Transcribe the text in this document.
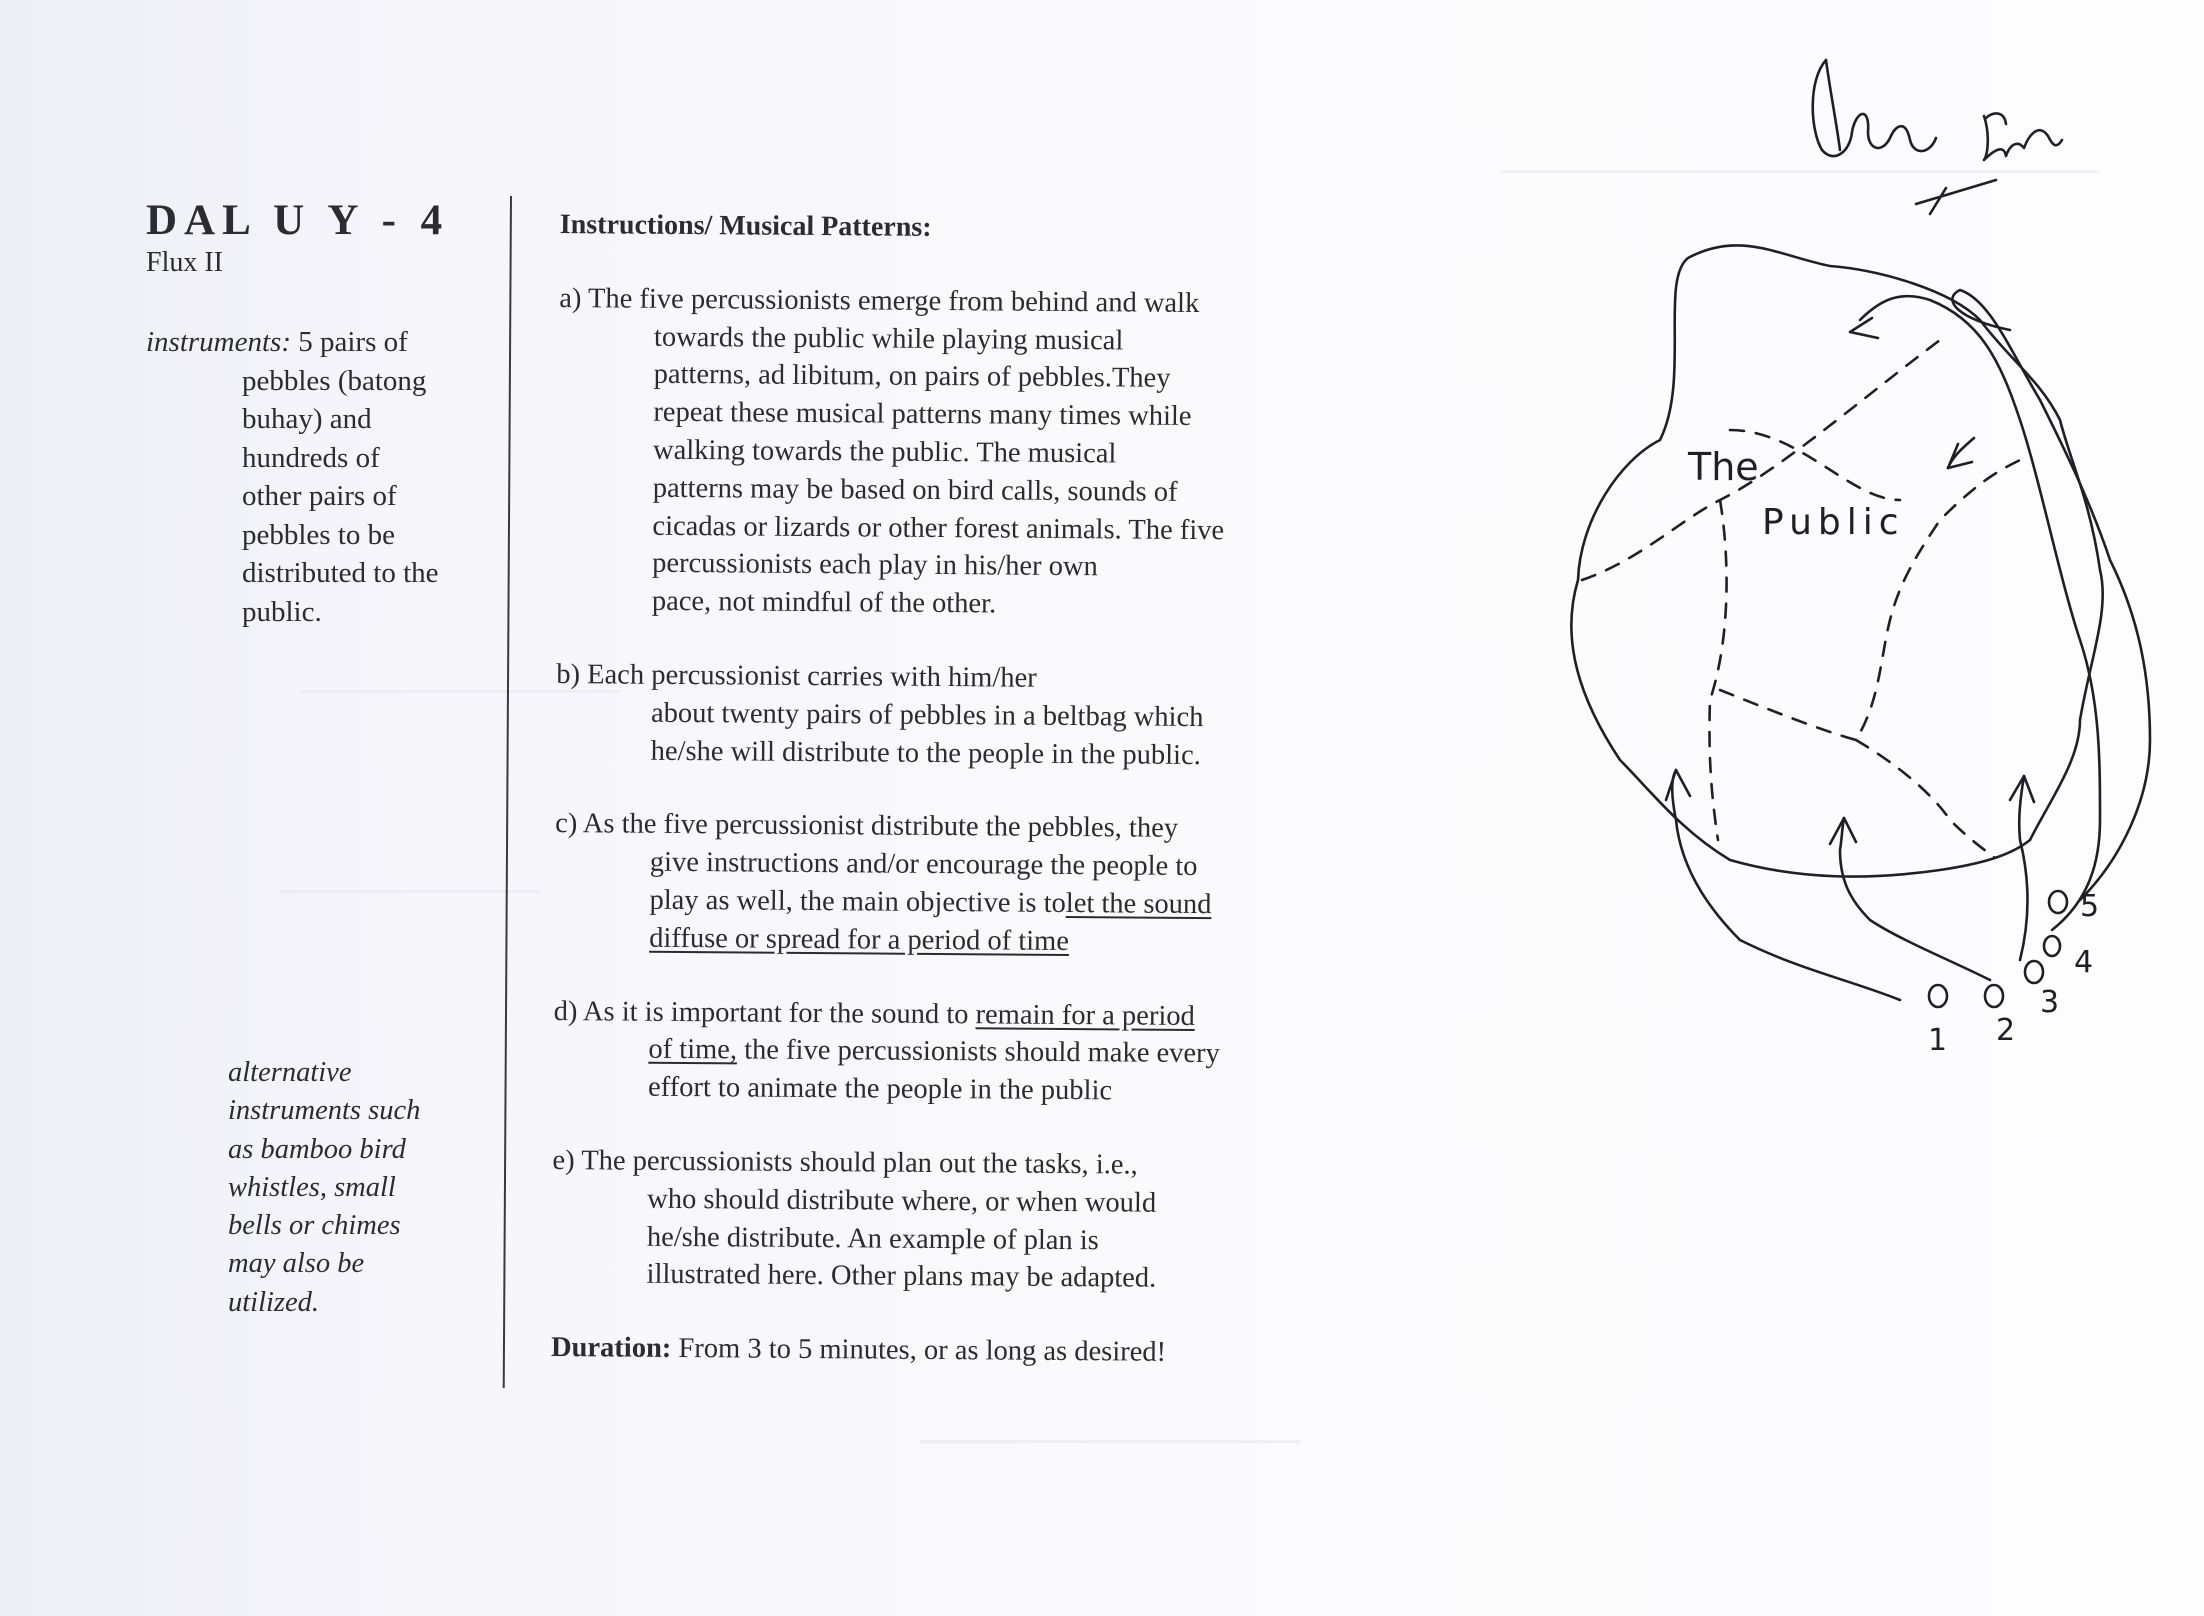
DAL U Y - 4
Flux II
instruments: 5 pairs of
pebbles (batong
buhay) and
hundreds of
other pairs of
pebbles to be
distributed to the
public.
alternative
instruments such
as bamboo bird
whistles, small
bells or chimes
may also be
utilized.
Instructions/ Musical Patterns:
a) The five percussionists emerge from behind and walk
towards the public while playing musical
patterns, ad libitum, on pairs of pebbles.They
repeat these musical patterns many times while
walking towards the public. The musical
patterns may be based on bird calls, sounds of
cicadas or lizards or other forest animals. The five
percussionists each play in his/her own
pace, not mindful of the other.
b) Each percussionist carries with him/her
about twenty pairs of pebbles in a beltbag which
he/she will distribute to the people in the public.
c) As the five percussionist distribute the pebbles, they
give instructions and/or encourage the people to
play as well, the main objective is tolet the sound
diffuse or spread for a period of time
d) As it is important for the sound to remain for a period
of time, the five percussionists should make every
effort to animate the people in the public
e) The percussionists should plan out the tasks, i.e.,
who should distribute where, or when would
he/she distribute. An example of plan is
illustrated here. Other plans may be adapted.
Duration: From 3 to 5 minutes, or as long as desired!
The
Public
1 2
3
4
5
